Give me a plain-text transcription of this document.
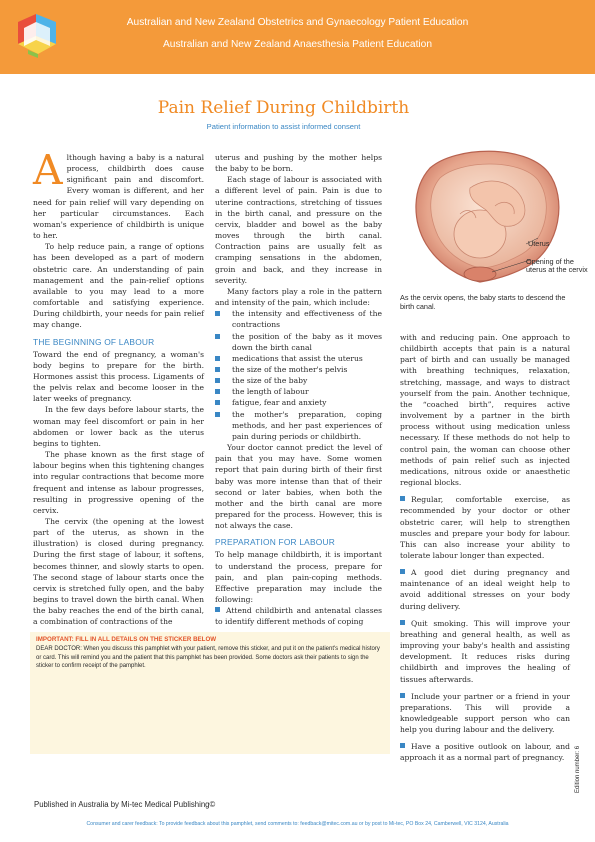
Australian and New Zealand Obstetrics and Gynaecology Patient Education
Australian and New Zealand Anaesthesia Patient Education
Pain Relief During Childbirth
Patient information to assist informed consent

Although having a baby is a natural process, childbirth does cause significant pain and discomfort. Every woman is different, and her need for pain relief will vary depending on her particular circumstances. Each woman's experience of childbirth is unique to her.

To help reduce pain, a range of options has been developed as a part of modern obstetric care. An understanding of pain management and the pain-relief options available to you may lead to a more comfortable and satisfying experience. During childbirth, your needs for pain relief may change.

THE BEGINNING OF LABOUR

Toward the end of pregnancy, a woman's body begins to prepare for the birth. Hormones assist this process. Ligaments of the pelvis relax and become looser in the later weeks of pregnancy.

In the few days before labour starts, the woman may feel discomfort or pain in her abdomen or lower back as the uterus begins to tighten.

The phase known as the first stage of labour begins when this tightening changes into regular contractions that become more frequent and intense as labour progresses, resulting in progressive opening of the cervix.

The cervix (the opening at the lowest part of the uterus, as shown in the illustration) is closed during pregnancy. During the first stage of labour, it softens, becomes thinner, and slowly starts to open. The second stage of labour starts once the cervix is stretched fully open, and the baby begins to travel down the birth canal. When the baby reaches the end of the birth canal, a combination of contractions of the

uterus and pushing by the mother helps the baby to be born.

Each stage of labour is associated with a different level of pain. Pain is due to uterine contractions, stretching of tissues in the birth canal, and pressure on the cervix, bladder and bowel as the baby moves through the birth canal. Contraction pains are usually felt as cramping sensations in the abdomen, groin and back, and they increase in severity.

Many factors play a role in the pattern and intensity of the pain, which include:

the intensity and effectiveness of the contractions
the position of the baby as it moves down the birth canal
medications that assist the uterus
the size of the mother's pelvis
the size of the baby
the length of labour
fatigue, fear and anxiety
the mother's preparation, coping methods, and her past experiences of pain during periods or childbirth.

Your doctor cannot predict the level of pain that you may have. Some women report that pain during birth of their first baby was more intense than that of their second or later babies, when both the mother and the birth canal are more prepared for the process. However, this is not always the case.

PREPARATION FOR LABOUR

To help manage childbirth, it is important to understand the process, prepare for pain, and plan pain-coping methods. Effective preparation may include the following:

Attend childbirth and antenatal classes to identify different methods of coping

Uterus
Opening of the uterus at the cervix
As the cervix opens, the baby starts to descend the birth canal.

with and reducing pain. One approach to childbirth accepts that pain is a natural part of birth and can usually be managed with breathing techniques, relaxation, stretching, massage, and ways to distract yourself from the pain. Another technique, the “coached birth”, requires active involvement by a partner in the birth process without using medication unless necessary. If these methods do not help to control pain, the woman can choose other methods of pain relief such as injected medications, nitrous oxide or anaesthetic regional blocks.

Regular, comfortable exercise, as recommended by your doctor or other obstetric carer, will help to strengthen muscles and prepare your body for labour. This can also increase your ability to tolerate labour longer than expected.

A good diet during pregnancy and maintenance of an ideal weight help to avoid additional stresses on your body during delivery.

Quit smoking. This will improve your breathing and general health, as well as improving your baby's health and assisting development. It reduces risks during childbirth and improves the healing of tissues afterwards.

Include your partner or a friend in your preparations. This will provide a knowledgeable support person who can help you during labour and the delivery.

Have a positive outlook on labour, and approach it as a normal part of pregnancy.

IMPORTANT: FILL IN ALL DETAILS ON THE STICKER BELOW
DEAR DOCTOR: When you discuss this pamphlet with your patient, remove this sticker, and put it on the patient's medical history or card. This will remind you and the patient that this pamphlet has been provided. Some doctors ask their patients to sign the sticker to confirm receipt of the pamphlet.
Published in Australia by Mi-tec Medical Publishing©
Consumer and carer feedback: To provide feedback about this pamphlet, send comments to: feedback@mitec.com.au or by post to Mi-tec, PO Box 24, Camberwell, VIC 3124, Australia
Edition number: 6
